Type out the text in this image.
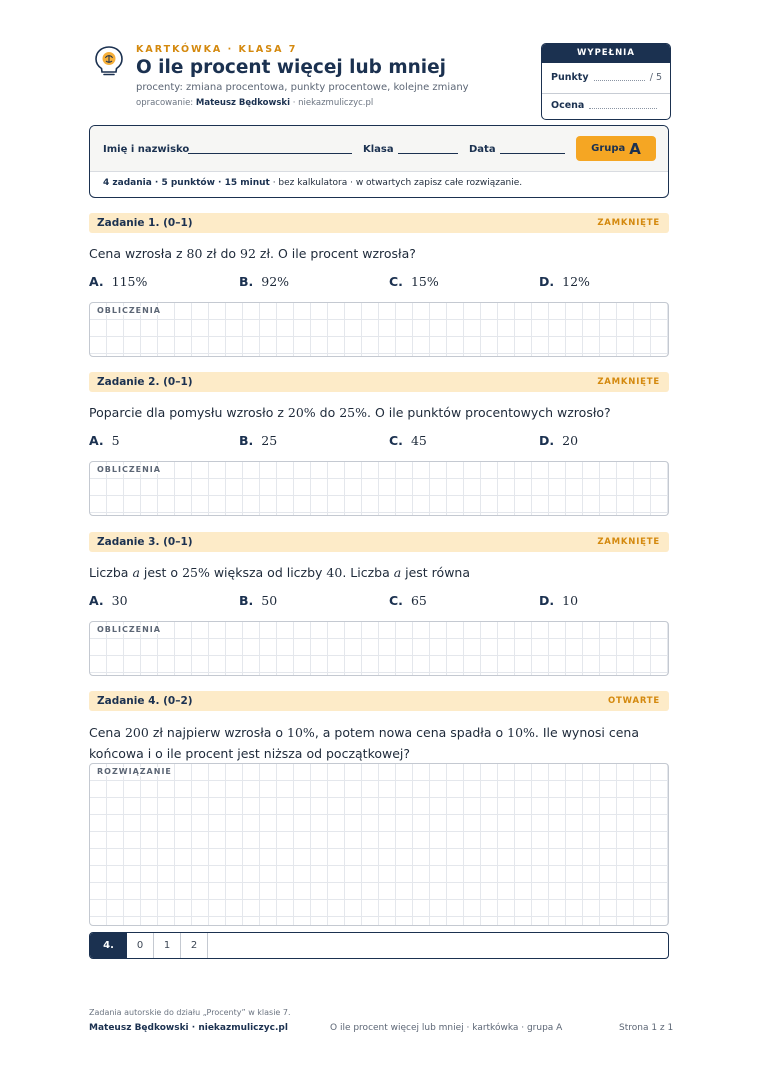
KARTKÓWKA · KLASA 7
O ile procent więcej lub mniej
procenty: zmiana procentowa, punkty procentowe, kolejne zmiany
opracowanie: Mateusz Będkowski · niekazmuliczyc.pl
WYPEŁNIA NAUCZYCIEL
Punkty	/ 5
Ocena
Imię i nazwisko	Klasa	Data	Grupa A
4 zadania · 5 punktów · 15 minut · bez kalkulatora · w otwartych zapisz całe rozwiązanie.
Zadanie 1. (0–1)	ZAMKNIĘTE
Cena wzrosła z 80 zł do 92 zł. O ile procent wzrosła?
A. 115%	B. 92%	C. 15%	D. 12%
OBLICZENIA
Zadanie 2. (0–1)	ZAMKNIĘTE
Poparcie dla pomysłu wzrosło z 20% do 25%. O ile punktów procentowych wzrosło?
A. 5	B. 25	C. 45	D. 20
OBLICZENIA
Zadanie 3. (0–1)	ZAMKNIĘTE
Liczba a jest o 25% większa od liczby 40. Liczba a jest równa
A. 30	B. 50	C. 65	D. 10
OBLICZENIA
Zadanie 4. (0–2)	OTWARTE
Cena 200 zł najpierw wzrosła o 10%, a potem nowa cena spadła o 10%. Ile wynosi cena końcowa i o ile procent jest niższa od początkowej?
ROZWIĄZANIE
4.	0	1	2
Zadania autorskie do działu „Procenty” w klasie 7.
Mateusz Będkowski · niekazmuliczyc.pl	O ile procent więcej lub mniej · kartkówka · grupa A	Strona 1 z 1
